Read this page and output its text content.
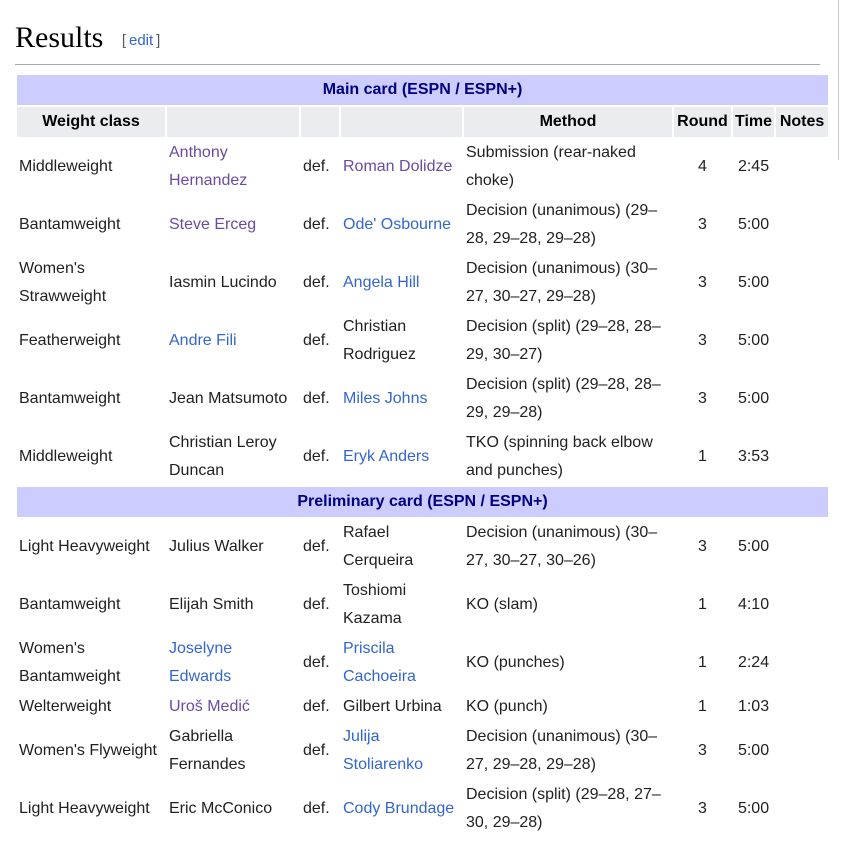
Results [ edit ]
Main card (ESPN / ESPN+)							
Weight class				Method	Round	Time	Notes
Middleweight	Anthony Hernandez	def.	Roman Dolidze	Submission (rear-naked choke)	4	2:45	
Bantamweight	Steve Erceg	def.	Ode' Osbourne	Decision (unanimous) (29–28, 29–28, 29–28)	3	5:00	
Women's Strawweight	Iasmin Lucindo	def.	Angela Hill	Decision (unanimous) (30–27, 30–27, 29–28)	3	5:00	
Featherweight	Andre Fili	def.	Christian Rodriguez	Decision (split) (29–28, 28–29, 30–27)	3	5:00	
Bantamweight	Jean Matsumoto	def.	Miles Johns	Decision (split) (29–28, 28–29, 29–28)	3	5:00	
Middleweight	Christian Leroy Duncan	def.	Eryk Anders	TKO (spinning back elbow and punches)	1	3:53	
Preliminary card (ESPN / ESPN+)							
Light Heavyweight	Julius Walker	def.	Rafael Cerqueira	Decision (unanimous) (30–27, 30–27, 30–26)	3	5:00	
Bantamweight	Elijah Smith	def.	Toshiomi Kazama	KO (slam)	1	4:10	
Women's Bantamweight	Joselyne Edwards	def.	Priscila Cachoeira	KO (punches)	1	2:24	
Welterweight	Uroš Medić	def.	Gilbert Urbina	KO (punch)	1	1:03	
Women's Flyweight	Gabriella Fernandes	def.	Julija Stoliarenko	Decision (unanimous) (30–27, 29–28, 29–28)	3	5:00	
Light Heavyweight	Eric McConico	def.	Cody Brundage	Decision (split) (29–28, 27–30, 29–28)	3	5:00	
